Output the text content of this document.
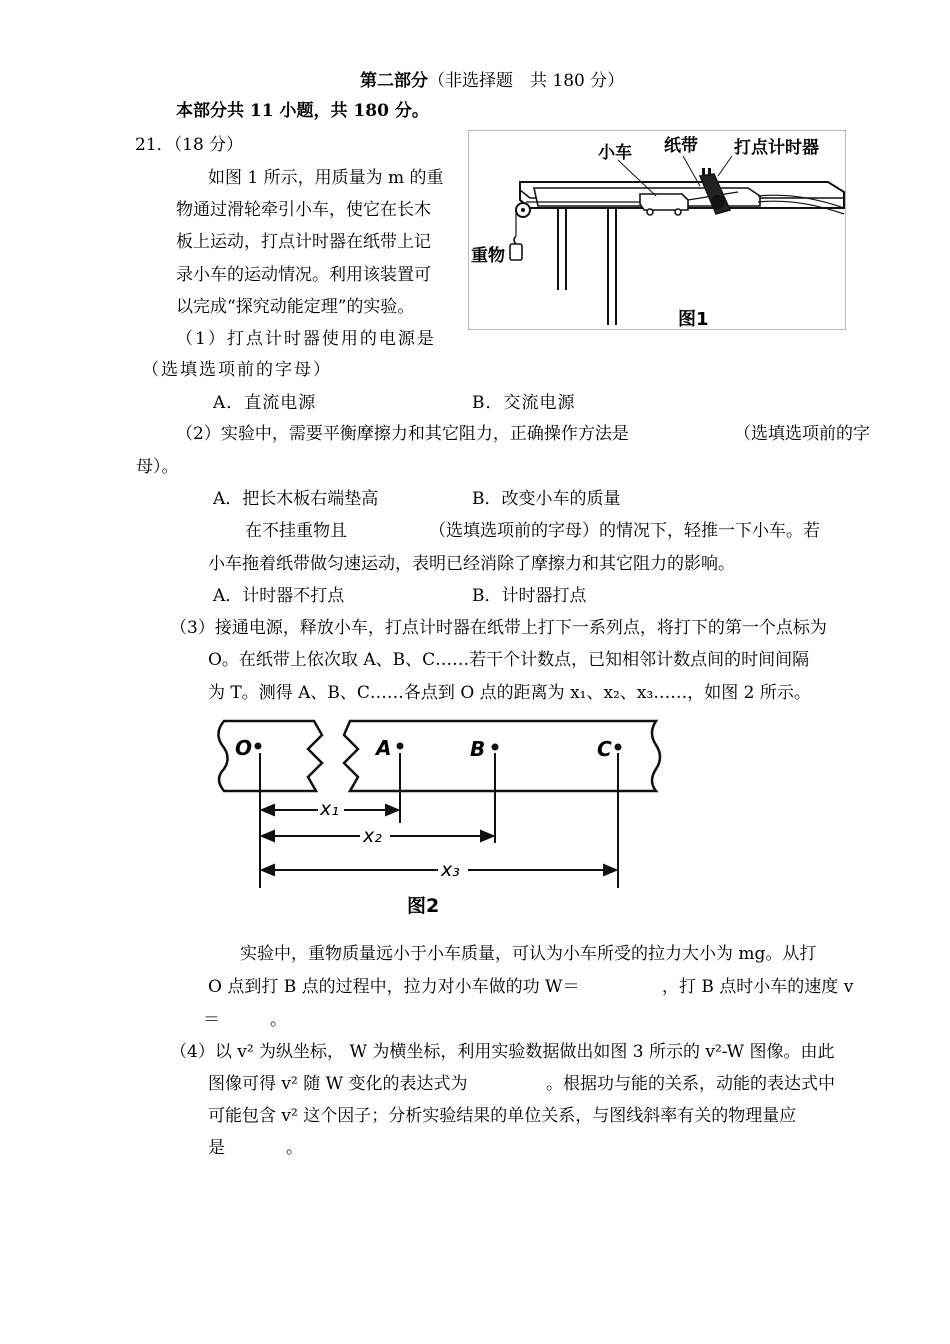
第二部分（非选择题　共 180 分）
本部分共 11 小题，共 180 分。
21．（18 分）
如图 1 所示，用质量为 m 的重
物通过滑轮牵引小车，使它在长木
板上运动，打点计时器在纸带上记
录小车的运动情况。利用该装置可
以完成“探究动能定理”的实验。
（1）打点计时器使用的电源是
（选填选项前的字母）
A．直流电源	B．交流电源
（2）实验中，需要平衡摩擦力和其它阻力，正确操作方法是	（选填选项前的字
母）。
A．把长木板右端垫高	B．改变小车的质量
在不挂重物且	（选填选项前的字母）的情况下，轻推一下小车。若
小车拖着纸带做匀速运动，表明已经消除了摩擦力和其它阻力的影响。
A．计时器不打点	B．计时器打点
（3）接通电源，释放小车，打点计时器在纸带上打下一系列点，将打下的第一个点标为
O。在纸带上依次取 A、B、C……若干个计数点，已知相邻计数点间的时间间隔
为 T。测得 A、B、C……各点到 O 点的距离为 x₁、x₂、x₃……，如图 2 所示。
O	A	B	C
x₁
x₂
x₃
图2
实验中，重物质量远小于小车质量，可认为小车所受的拉力大小为 mg。从打
O 点到打 B 点的过程中，拉力对小车做的功 W＝	，打 B 点时小车的速度 v
＝	。
（4）以 v² 为纵坐标， W 为横坐标，利用实验数据做出如图 3 所示的 v²-W 图像。由此
图像可得 v² 随 W 变化的表达式为	。根据功与能的关系，动能的表达式中
可能包含 v² 这个因子；分析实验结果的单位关系，与图线斜率有关的物理量应
是	。
小车 纸带 打点计时器
重物
图1
